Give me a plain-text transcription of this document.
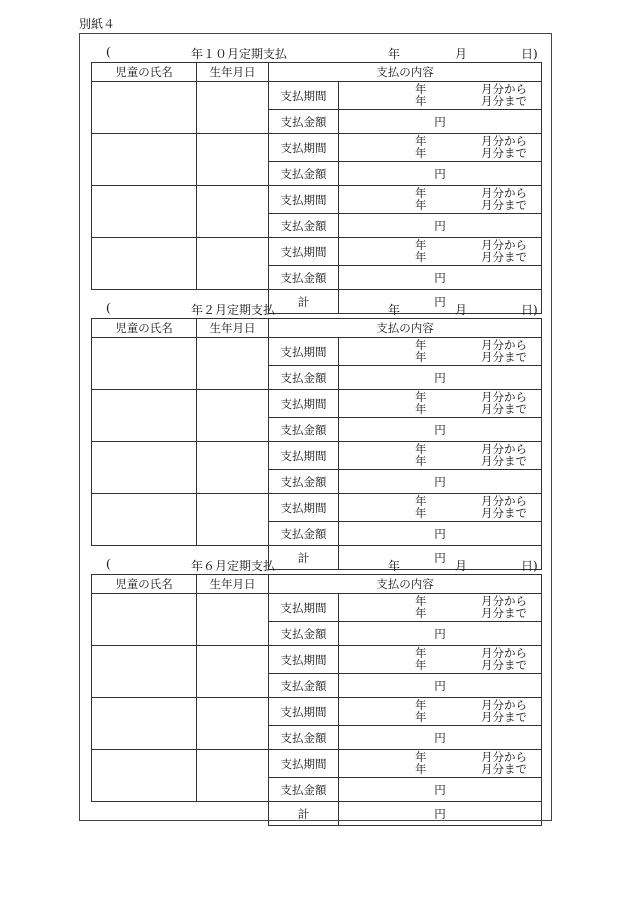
別紙４
(	年１０月定期支払	年	月	日)
児童の氏名	生年月日	支払の内容	
		支払期間	年 月分から
年 月分まで

		支払金額	円
		支払期間	年 月分から
年 月分まで

		支払金額	円
		支払期間	年 月分から
年 月分まで

		支払金額	円
		支払期間	年 月分から
年 月分まで

		支払金額	円
		計	円
(	年２月定期支払	年	月	日)
児童の氏名	生年月日	支払の内容	
		支払期間	年 月分から
年 月分まで

		支払金額	円
		支払期間	年 月分から
年 月分まで

		支払金額	円
		支払期間	年 月分から
年 月分まで

		支払金額	円
		支払期間	年 月分から
年 月分まで

		支払金額	円
		計	円
(	年６月定期支払	年	月	日)
児童の氏名	生年月日	支払の内容	
		支払期間	年 月分から
年 月分まで

		支払金額	円
		支払期間	年 月分から
年 月分まで

		支払金額	円
		支払期間	年 月分から
年 月分まで

		支払金額	円
		支払期間	年 月分から
年 月分まで

		支払金額	円
		計	円
